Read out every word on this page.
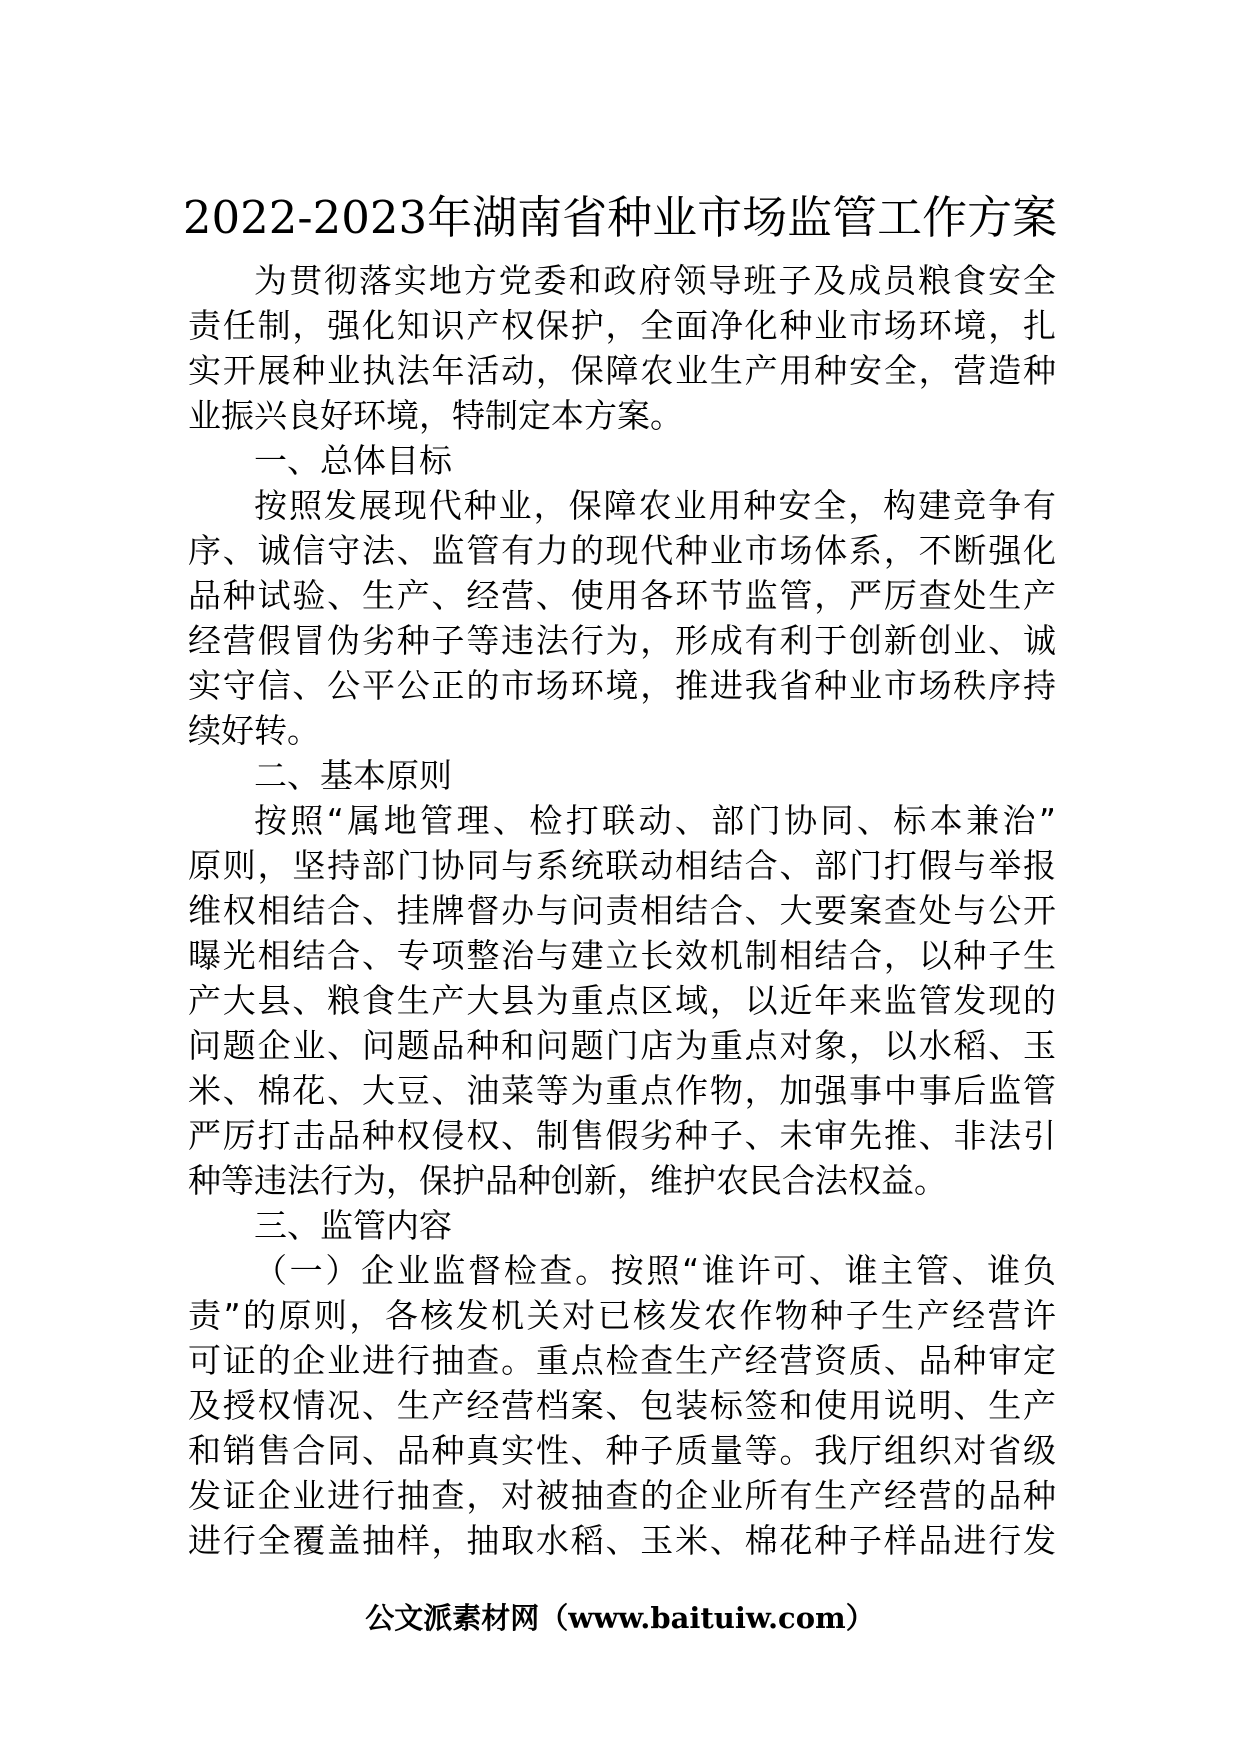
2022-2023年湖南省种业市场监管工作方案
为贯彻落实地方党委和政府领导班子及成员粮食安全
责任制，强化知识产权保护，全面净化种业市场环境，扎
实开展种业执法年活动，保障农业生产用种安全，营造种
业振兴良好环境，特制定本方案。
一、总体目标
按照发展现代种业，保障农业用种安全，构建竞争有
序、诚信守法、监管有力的现代种业市场体系，不断强化
品种试验、生产、经营、使用各环节监管，严厉查处生产
经营假冒伪劣种子等违法行为，形成有利于创新创业、诚
实守信、公平公正的市场环境，推进我省种业市场秩序持
续好转。
二、基本原则
按照“属地管理、检打联动、部门协同、标本兼治”
原则，坚持部门协同与系统联动相结合、部门打假与举报
维权相结合、挂牌督办与问责相结合、大要案查处与公开
曝光相结合、专项整治与建立长效机制相结合，以种子生
产大县、粮食生产大县为重点区域，以近年来监管发现的
问题企业、问题品种和问题门店为重点对象，以水稻、玉
米、棉花、大豆、油菜等为重点作物，加强事中事后监管
严厉打击品种权侵权、制售假劣种子、未审先推、非法引
种等违法行为，保护品种创新，维护农民合法权益。
三、监管内容
（一）企业监督检查。按照“谁许可、谁主管、谁负
责”的原则，各核发机关对已核发农作物种子生产经营许
可证的企业进行抽查。重点检查生产经营资质、品种审定
及授权情况、生产经营档案、包装标签和使用说明、生产
和销售合同、品种真实性、种子质量等。我厅组织对省级
发证企业进行抽查，对被抽查的企业所有生产经营的品种
进行全覆盖抽样，抽取水稻、玉米、棉花种子样品进行发
公文派素材网（www.baituiw.com）
